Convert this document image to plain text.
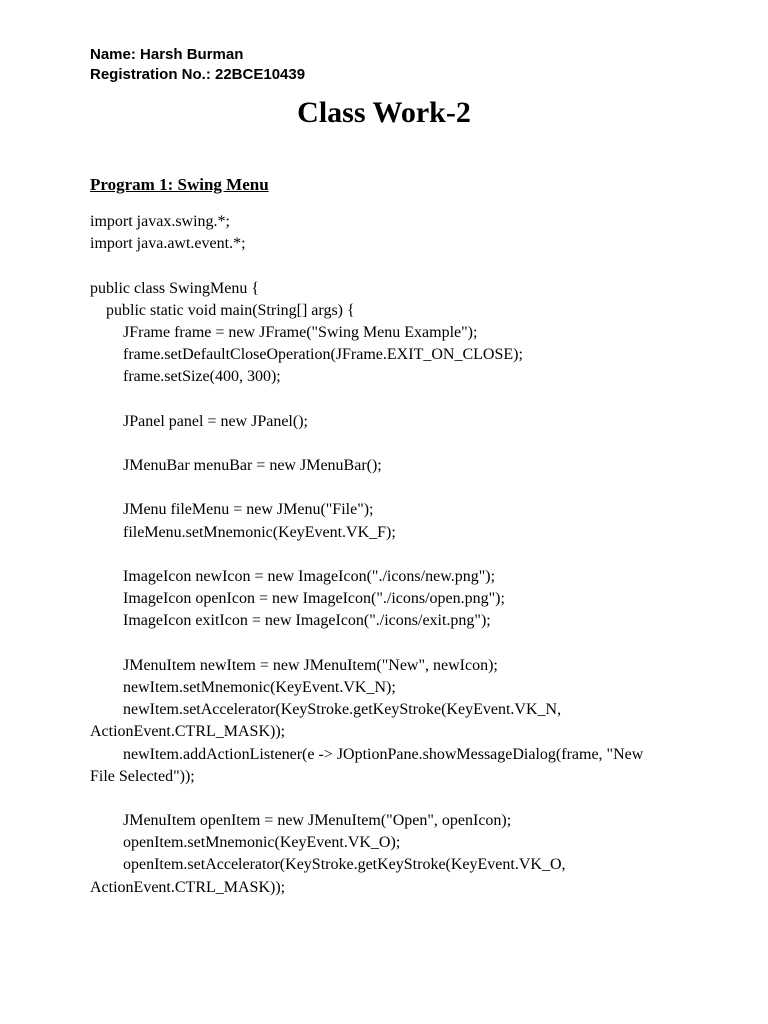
Name: Harsh Burman
Registration No.: 22BCE10439
Class Work-2
Program 1: Swing Menu
import javax.swing.*;
import java.awt.event.*;
public class SwingMenu {
public static void main(String[] args) {
JFrame frame = new JFrame("Swing Menu Example");
frame.setDefaultCloseOperation(JFrame.EXIT_ON_CLOSE);
frame.setSize(400, 300);
JPanel panel = new JPanel();
JMenuBar menuBar = new JMenuBar();
JMenu fileMenu = new JMenu("File");
fileMenu.setMnemonic(KeyEvent.VK_F);
ImageIcon newIcon = new ImageIcon("./icons/new.png");
ImageIcon openIcon = new ImageIcon("./icons/open.png");
ImageIcon exitIcon = new ImageIcon("./icons/exit.png");
JMenuItem newItem = new JMenuItem("New", newIcon);
newItem.setMnemonic(KeyEvent.VK_N);
newItem.setAccelerator(KeyStroke.getKeyStroke(KeyEvent.VK_N,
ActionEvent.CTRL_MASK));
newItem.addActionListener(e -> JOptionPane.showMessageDialog(frame, "New
File Selected"));
JMenuItem openItem = new JMenuItem("Open", openIcon);
openItem.setMnemonic(KeyEvent.VK_O);
openItem.setAccelerator(KeyStroke.getKeyStroke(KeyEvent.VK_O,
ActionEvent.CTRL_MASK));
